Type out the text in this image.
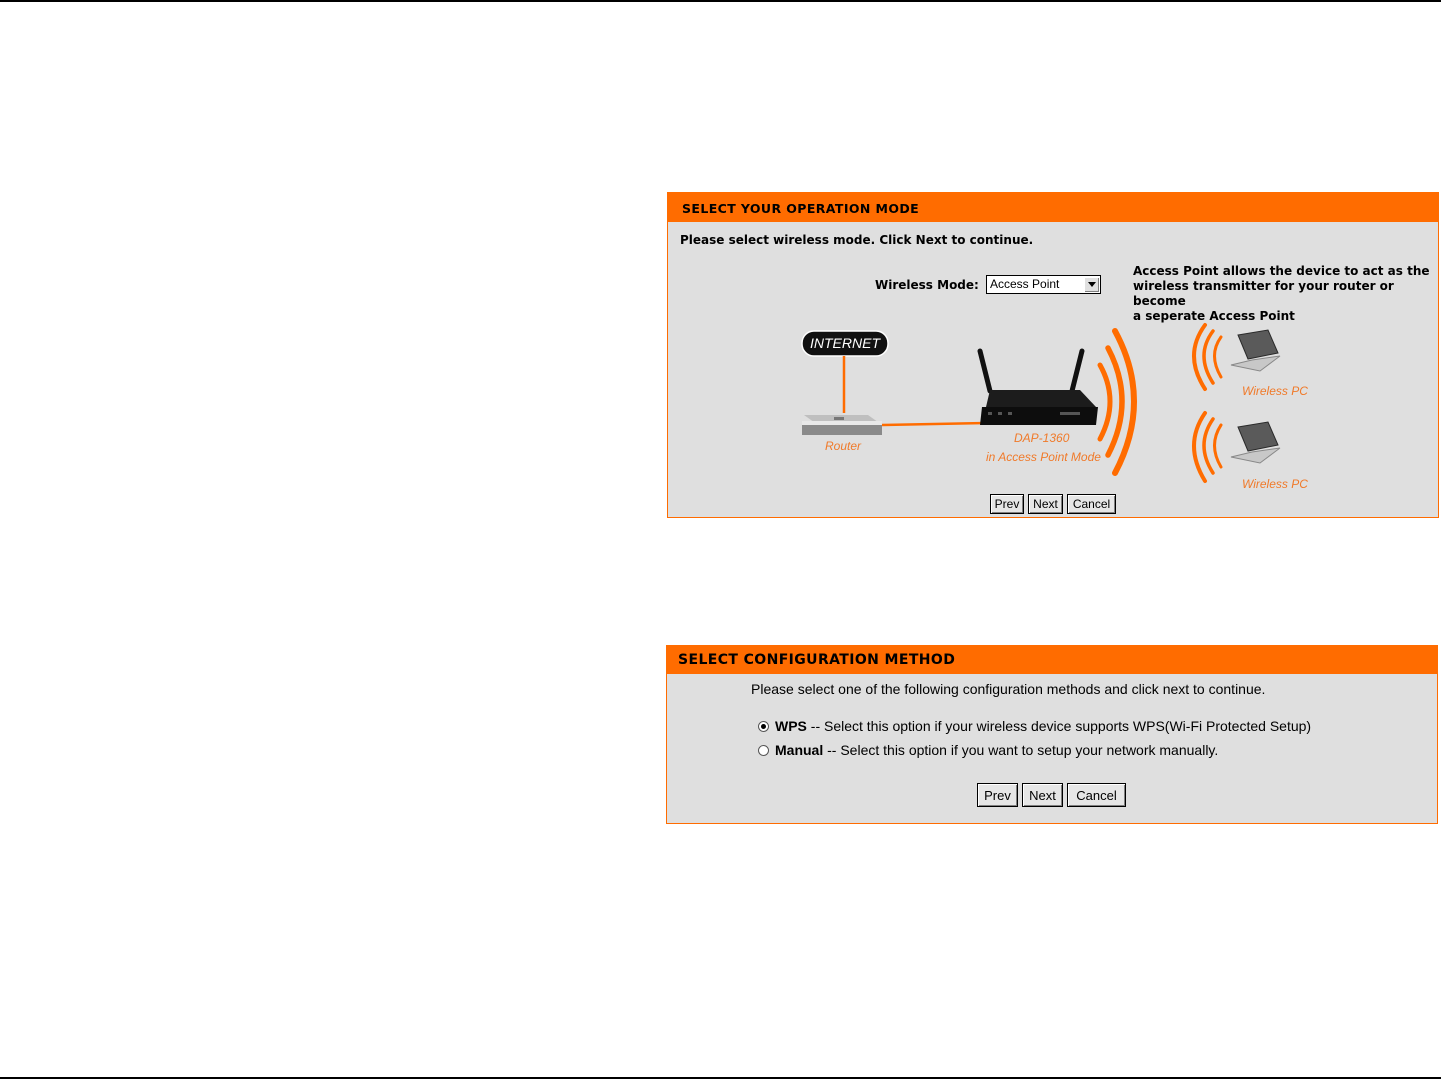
SELECT YOUR OPERATION MODE
Please select wireless mode. Click Next to continue.
Wireless Mode: Access Point
Access Point allows the device to act as the
wireless transmitter for your router or become
a seperate Access Point
INTERNET
Router
DAP-1360
in Access Point Mode
Wireless PC
Wireless PC
Prev	Next	Cancel
SELECT CONFIGURATION METHOD
Please select one of the following configuration methods and click next to continue.
WPS -- Select this option if your wireless device supports WPS(Wi-Fi Protected Setup)
Manual -- Select this option if you want to setup your network manually.
Prev	Next	Cancel
